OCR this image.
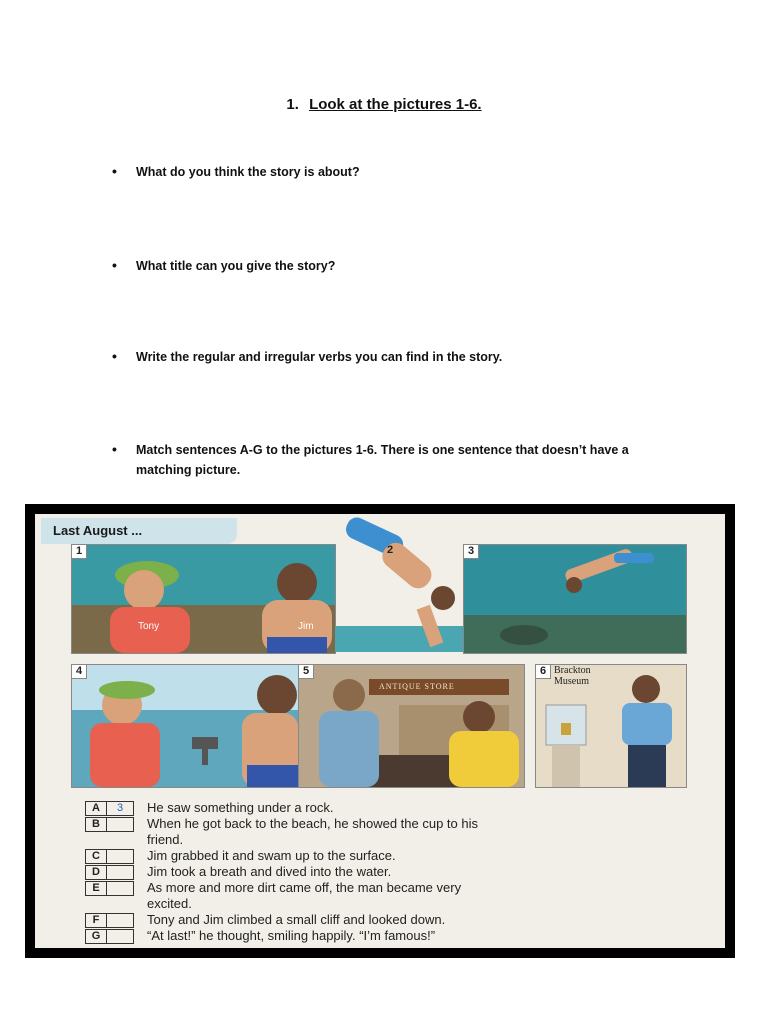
1. Look at the pictures 1-6.
• What do you think the story is about?
• What title can you give the story?
• Write the regular and irregular verbs you can find in the story.
• Match sentences A-G to the pictures 1-6. There is one sentence that doesn’t have a matching picture.
Last August ...
1
Tony	Jim
2	3
4	5
ANTIQUE STORE
6 Brackton
Museum
A	3	He saw something under a rock.
B	When he got back to the beach, he showed the cup to his
friend.
C	Jim grabbed it and swam up to the surface.
D	Jim took a breath and dived into the water.
E	As more and more dirt came off, the man became very
excited.
F	Tony and Jim climbed a small cliff and looked down.
G	“At last!” he thought, smiling happily. “I’m famous!”
